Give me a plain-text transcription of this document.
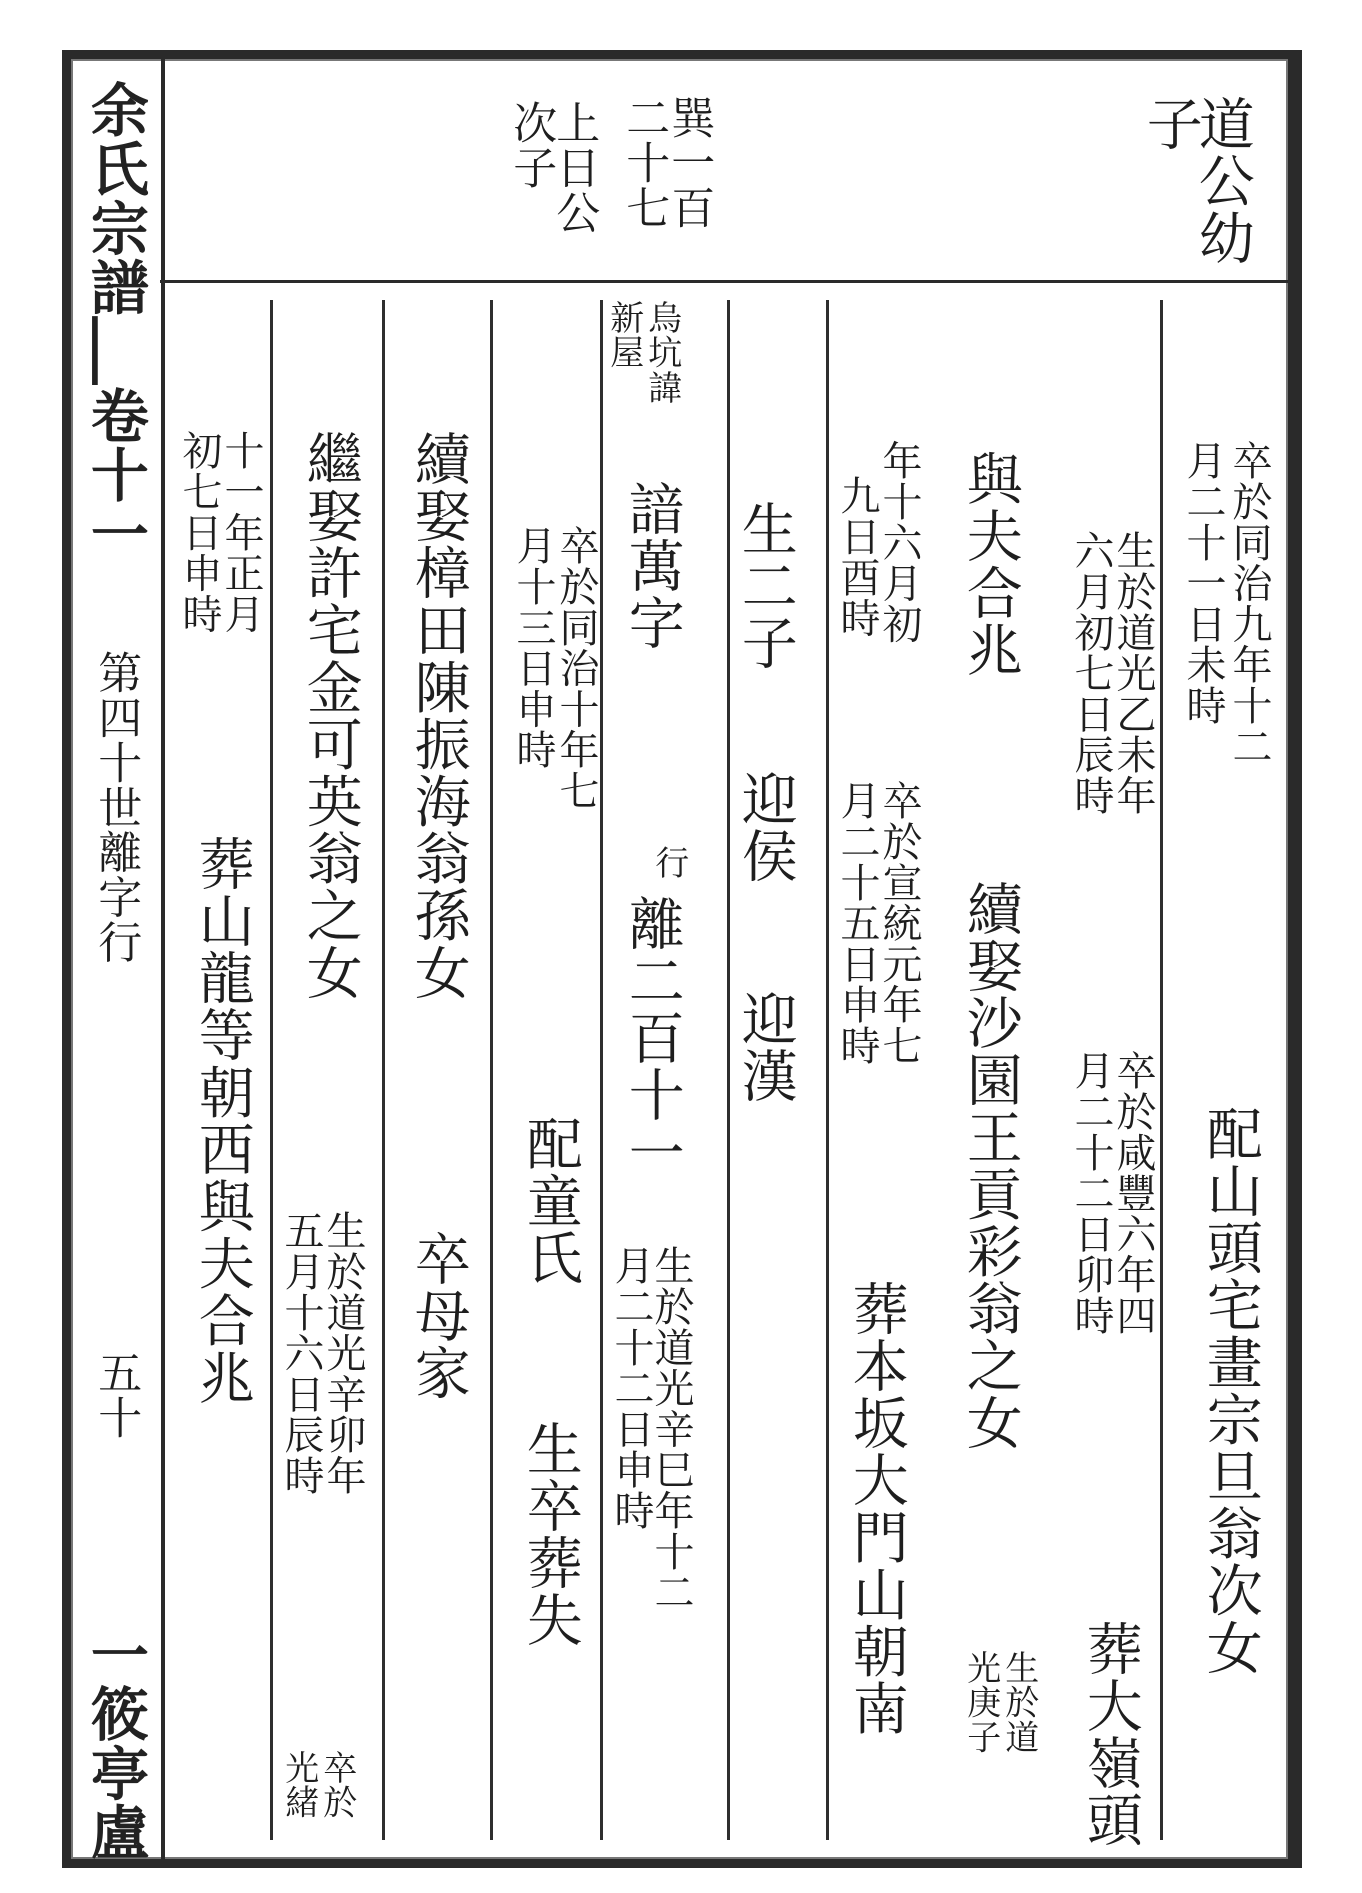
余氏宗譜▏卷十一
第四十世離字行
五十
一筱亭盧
道公幼
子
巽一百
二十七
上日公
次子
卒於同治九年十二
月二十一日未時
配山頭宅畫宗旦翁次女
生於道光乙未年
六月初七日辰時
卒於咸豐六年四
月二十二日卯時
葬大嶺頭
生於道
光庚子
與夫合兆
續娶沙園王貢彩翁之女
年十六月初
九日酉時
卒於宣統元年七
月二十五日申時
葬本坂大門山朝南
生二子
迎侯
迎漢
烏坑
新屋
諱
諳萬字
行
離二百十一
生於道光辛巳年十二
月二十二日申時
卒於同治十年七
月十三日申時
配童氏
生卒葬失
續娶樟田陳振海翁孫女
卒母家
繼娶許宅金可英翁之女
生於道光辛卯年
五月十六日辰時
卒於
光緒
十一年正月
初七日申時
葬山龍等朝西與夫合兆
